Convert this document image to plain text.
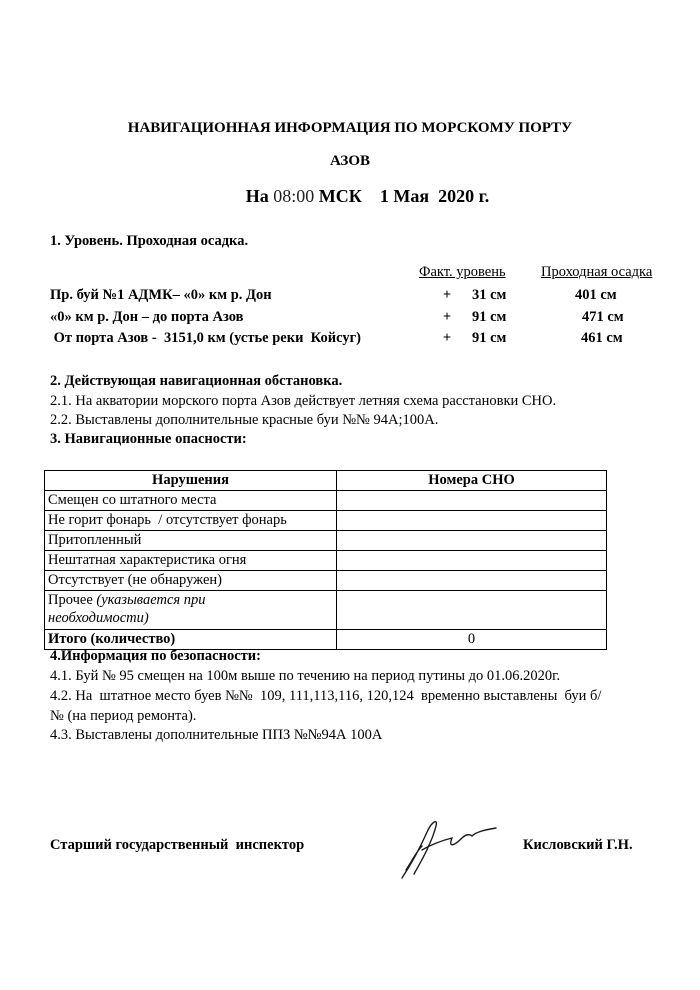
НАВИГАЦИОННАЯ ИНФОРМАЦИЯ ПО МОРСКОМУ ПОРТУ
АЗОВ
На 08:00 МСК 1 Мая  2020 г.
1. Уровень. Проходная осадка.
Факт. уровень Проходная осадка
Пр. буй №1 АДМК– «0» км р. Дон	+ 31 см	401 см
«0» км р. Дон – до порта Азов	+ 91 см	471 см
От порта Азов -  3151,0 км (устье реки  Койсуг)	+ 91 см	461 см
2. Действующая навигационная обстановка.
2.1. На акватории морского порта Азов действует летняя схема расстановки СНО.
2.2. Выставлены дополнительные красные буи №№ 94А;100А.
3. Навигационные опасности:
Нарушения	Номера СНО
Смещен со штатного места	
Не горит фонарь  / отсутствует фонарь	
Притопленный	
Нештатная характеристика огня	
Отсутствует (не обнаружен)	
Прочее (указывается при
необходимости)	
Итого (количество)	0
4.Информация по безопасности:
4.1. Буй № 95 смещен на 100м выше по течению на период путины до 01.06.2020г.
4.2. На  штатное место буев №№  109, 111,113,116, 120,124  временно выставлены  буи б/
№ (на период ремонта).
4.3. Выставлены дополнительные ППЗ №№94А 100А
Старший государственный  инспектор	Кисловский Г.Н.
